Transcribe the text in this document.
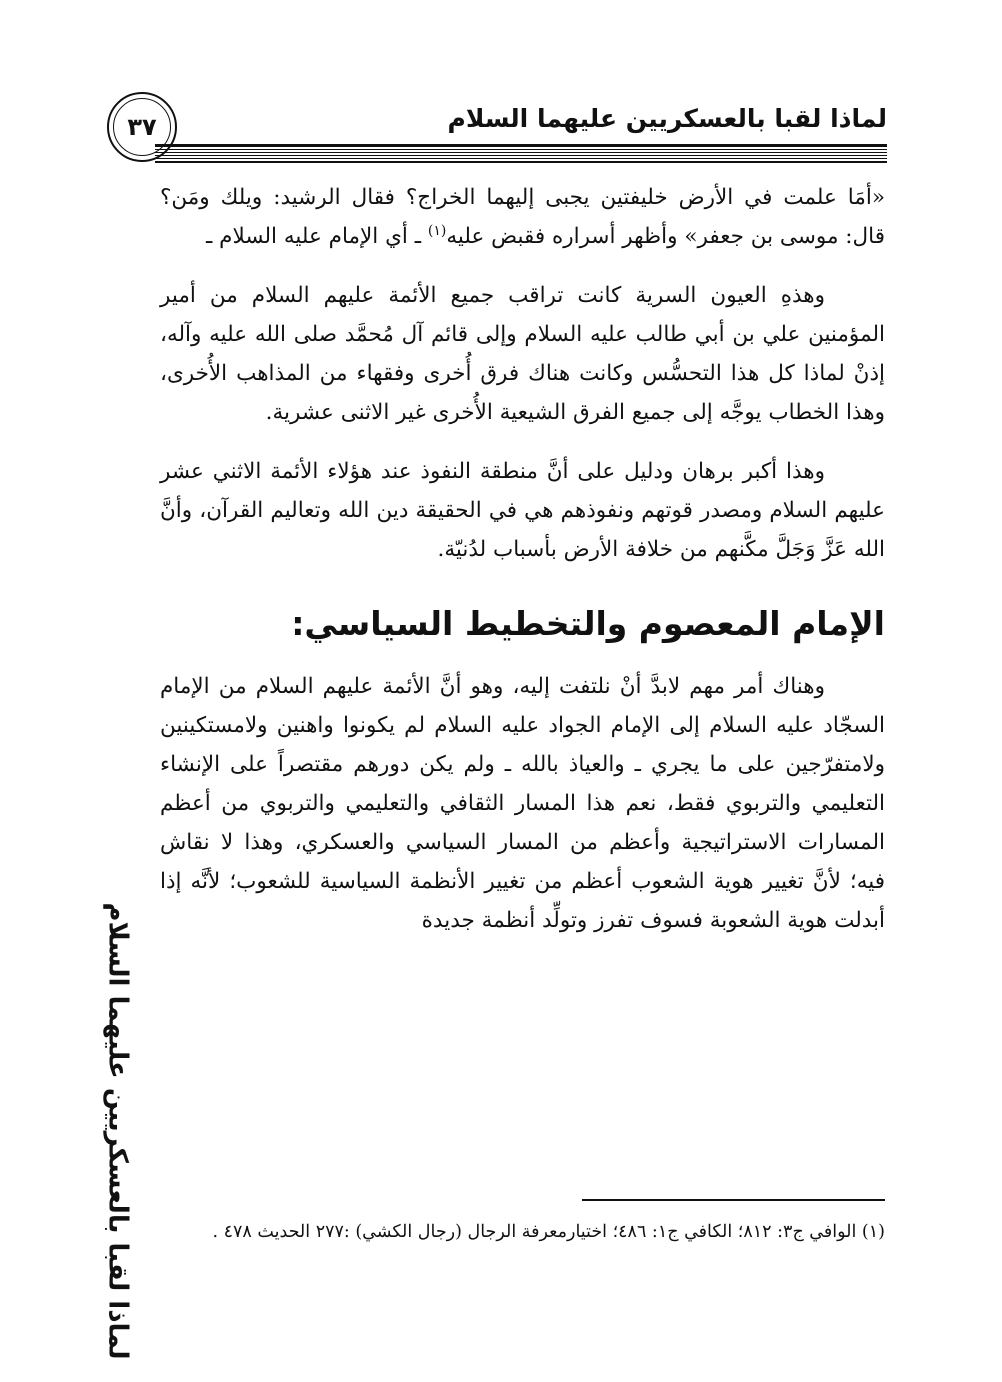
٣٧	لماذا لقبا بالعسكريين عليهما السلام

«أمَا علمت في الأرض خليفتين يجبى إليهما الخراج؟ فقال الرشيد: ويلك ومَن؟ قال: موسى بن جعفر» وأظهر أسراره فقبض عليه$^{(١)}$ ـ أي الإمام عليه السلام ـ

وهذهِ العيون السرية كانت تراقب جميع الأئمة عليهم السلام من أمير المؤمنين علي بن أبي طالب عليه السلام وإلى قائم آل مُحمَّد صلى الله عليه وآله، إذنْ لماذا كل هذا التحسُّس وكانت هناك فرق أُخرى وفقهاء من المذاهب الأُخرى، وهذا الخطاب يوجَّه إلى جميع الفرق الشيعية الأُخرى غير الاثنى عشرية.

وهذا أكبر برهان ودليل على أنَّ منطقة النفوذ عند هؤلاء الأئمة الاثني عشر عليهم السلام ومصدر قوتهم ونفوذهم هي في الحقيقة دين الله وتعاليم القرآن، وأنَّ الله عَزَّ وَجَلَّ مكَّنهم من خلافة الأرض بأسباب لدُنيّة.

الإمام المعصوم والتخطيط السياسي:

وهناك أمر مهم لابدَّ أنْ نلتفت إليه، وهو أنَّ الأئمة عليهم السلام من الإمام السجّاد عليه السلام إلى الإمام الجواد عليه السلام لم يكونوا واهنين ولامستكينين ولامتفرّجين على ما يجري ـ والعياذ بالله ـ ولم يكن دورهم مقتصراً على الإنشاء التعليمي والتربوي فقط، نعم هذا المسار الثقافي والتعليمي والتربوي من أعظم المسارات الاستراتيجية وأعظم من المسار السياسي والعسكري، وهذا لا نقاش فيه؛ لأنَّ تغيير هوية الشعوب أعظم من تغيير الأنظمة السياسية للشعوب؛ لأنَّه إذا أبدلت هوية الشعوبة فسوف تفرز وتولِّد أنظمة جديدة

لماذا لقبا بالعسكريين عليهما السلام	(١) الوافي ج٣: ٨١٢؛ الكافي ج١: ٤٨٦؛ اختيارمعرفة الرجال (رجال الكشي) :٢٧٧ الحديث ٤٧٨ .
